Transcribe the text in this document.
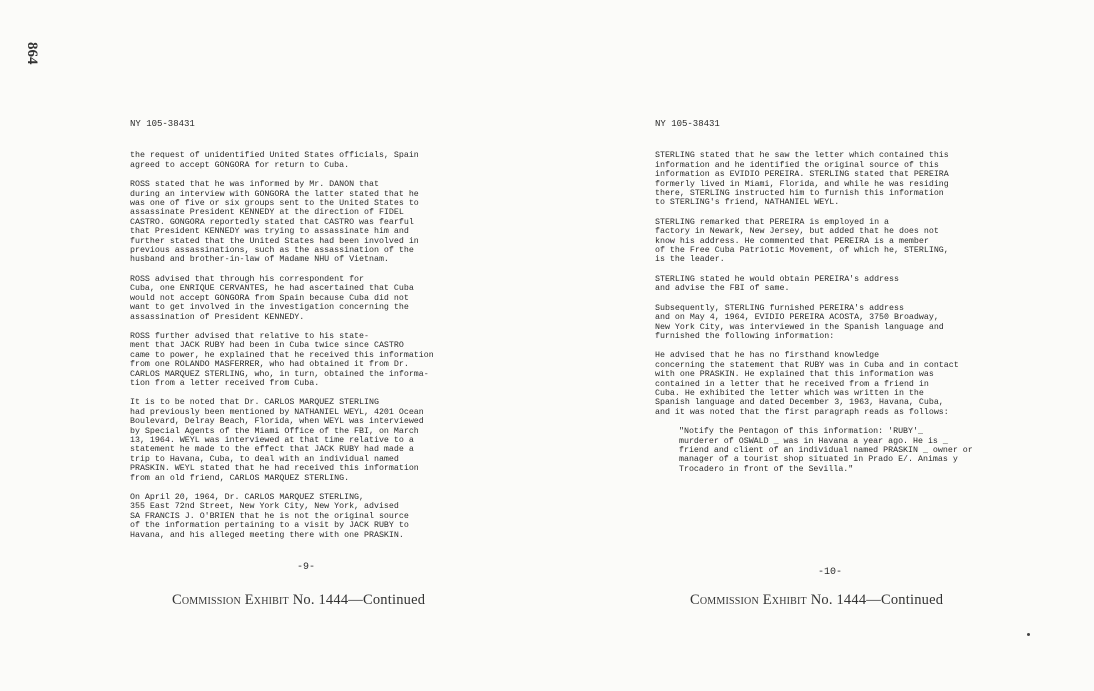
864

NY 105-38431

the request of unidentified United States officials, Spain
agreed to accept GONGORA for return to Cuba.

ROSS stated that he was informed by Mr. DANON that
during an interview with GONGORA the latter stated that he
was one of five or six groups sent to the United States to
assassinate President KENNEDY at the direction of FIDEL
CASTRO. GONGORA reportedly stated that CASTRO was fearful
that President KENNEDY was trying to assassinate him and
further stated that the United States had been involved in
previous assassinations, such as the assassination of the
husband and brother-in-law of Madame NHU of Vietnam.

ROSS advised that through his correspondent for
Cuba, one ENRIQUE CERVANTES, he had ascertained that Cuba
would not accept GONGORA from Spain because Cuba did not
want to get involved in the investigation concerning the
assassination of President KENNEDY.

ROSS further advised that relative to his state-
ment that JACK RUBY had been in Cuba twice since CASTRO
came to power, he explained that he received this information
from one ROLANDO MASFERRER, who had obtained it from Dr.
CARLOS MARQUEZ STERLING, who, in turn, obtained the informa-
tion from a letter received from Cuba.

It is to be noted that Dr. CARLOS MARQUEZ STERLING
had previously been mentioned by NATHANIEL WEYL, 4201 Ocean
Boulevard, Delray Beach, Florida, when WEYL was interviewed
by Special Agents of the Miami Office of the FBI, on March
13, 1964. WEYL was interviewed at that time relative to a
statement he made to the effect that JACK RUBY had made a
trip to Havana, Cuba, to deal with an individual named
PRASKIN. WEYL stated that he had received this information
from an old friend, CARLOS MARQUEZ STERLING.

On April 20, 1964, Dr. CARLOS MARQUEZ STERLING,
355 East 72nd Street, New York City, New York, advised
SA FRANCIS J. O'BRIEN that he is not the original source
of the information pertaining to a visit by JACK RUBY to
Havana, and his alleged meeting there with one PRASKIN.

NY 105-38431

STERLING stated that he saw the letter which contained this
information and he identified the original source of this
information as EVIDIO PEREIRA. STERLING stated that PEREIRA
formerly lived in Miami, Florida, and while he was residing
there, STERLING instructed him to furnish this information
to STERLING's friend, NATHANIEL WEYL.

STERLING remarked that PEREIRA is employed in a
factory in Newark, New Jersey, but added that he does not
know his address. He commented that PEREIRA is a member
of the Free Cuba Patriotic Movement, of which he, STERLING,
is the leader.

STERLING stated he would obtain PEREIRA's address
and advise the FBI of same.

Subsequently, STERLING furnished PEREIRA's address
and on May 4, 1964, EVIDIO PEREIRA ACOSTA, 3750 Broadway,
New York City, was interviewed in the Spanish language and
furnished the following information:

He advised that he has no firsthand knowledge
concerning the statement that RUBY was in Cuba and in contact
with one PRASKIN. He explained that this information was
contained in a letter that he received from a friend in
Cuba. He exhibited the letter which was written in the
Spanish language and dated December 3, 1963, Havana, Cuba,
and it was noted that the first paragraph reads as follows:

"Notify the Pentagon of this information: 'RUBY'_
murderer of OSWALD _ was in Havana a year ago. He is _
friend and client of an individual named PRASKIN _ owner or
manager of a tourist shop situated in Prado E/. Animas y
Trocadero in front of the Sevilla."

-9-	-10-
Commission Exhibit No. 1444—Continued	Commission Exhibit No. 1444—Continued
